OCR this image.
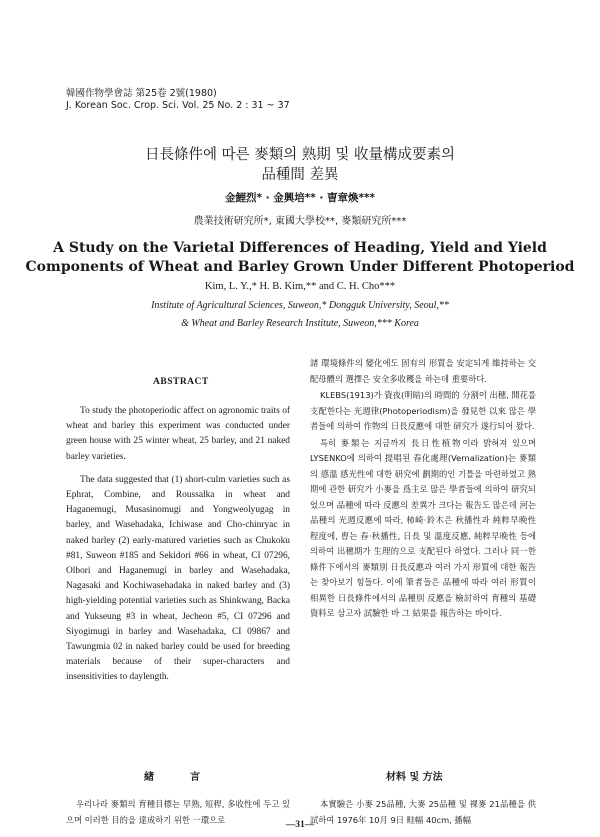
韓國作物學會誌 第25卷 2號(1980)
J. Korean Soc. Crop. Sci. Vol. 25 No. 2 : 31 ~ 37
日長條件에 따른 麥類의 熟期 및 收量構成要素의
品種間 差異
金鯉烈* · 金興培** · 曺章煥***
農業技術研究所*, 東國大學校**, 麥類研究所***
A Study on the Varietal Differences of Heading, Yield and Yield
Components of Wheat and Barley Grown Under Different Photoperiod
Kim, L. Y.,* H. B. Kim,** and C. H. Cho***
Institute of Agricultural Sciences, Suweon,* Dongguk University, Seoul,**
& Wheat and Barley Research Institute, Suweon,*** Korea
ABSTRACT

To study the photoperiodic affect on agronomic traits of wheat and barley this experiment was conducted under green house with 25 winter wheat, 25 barley, and 21 naked barley varieties.

The data suggested that (1) short-culm varieties such as Ephrat, Combine, and Roussalka in wheat and Haganemugi, Musasinomugi and Yongweolyugag in barley, and Wasehadaka, Ichiwase and Cho-chinryac in naked barley (2) early-matured varieties such as Chukoku #81, Suweon #185 and Sekidori #66 in wheat, CI 07296, Olbori and Haganemugi in barley and Wasehadaka, Nagasaki and Kochiwasehadaka in naked barley and (3) high-yielding potential varieties such as Shinkwang, Backa and Yukseung #3 in wheat, Jecheon #5, CI 07296 and Siyogimugi in barley and Wasehadaka, CI 09867 and Tawungmia 02 in naked barley could be used for breeding materials because of their super-characters and insensitivities to daylength.

緖言

우리나라 麥類의 育種目標는 早熟, 短稈, 多收性에 두고 있으며 이러한 目的을 達成하기 위한 一環으로

諸 環境條件의 變化에도 固有의 形質을 安定되게 維持하는 交配母體의 選擇은 安全多收穫을 하는데 重要하다.

KLEBS(1913)가 資夜(明暗)의 時間的 分割이 出穗, 開花를 支配한다는 光週律(Photoperiodism)을 發見한 以來 많은 學者들에 의하여 作物의 日長反應에 대한 研究가 遂行되어 왔다.

특히 麥類는 지금까지 長日性植物이라 밝혀져 있으며 LYSENKO에 의하여 提唱된 春化處理(Vernalization)는 麥類의 感溫 感光性에 대한 研究에 劃期的인 기틀을 마련하였고 熟期에 관한 研究가 小麥을 爲主로 많은 學者들에 의하여 研究되었으며 品種에 따라 反應의 差異가 크다는 報告도 많은데 河는 品種의 光週反應에 따라, 柿崎·鈴木은 秋播性과 純粹早晩性 程度에, 曺는 春·秋播性, 日長 및 溫度反應, 純粹早晩性 등에 의하여 出穗期가 生理的으로 支配된다 하였다. 그러나 同一한 條件下에서의 麥類別 日長反應과 여러 가지 形質에 대한 報告는 찾아보기 힘들다. 이에 筆者들은 品種에 따라 여러 形質이 相異한 日長條件에서의 品種別 反應을 檢討하여 育種의 基礎資料로 삼고자 試驗한 바 그 結果를 報告하는 바이다.

材料 및 方法

本實驗은 小麥 25品種, 大麥 25品種 및 裸麥 21品種을 供試하여 1976年 10月 9日 畦幅 40cm, 播幅

—31—
